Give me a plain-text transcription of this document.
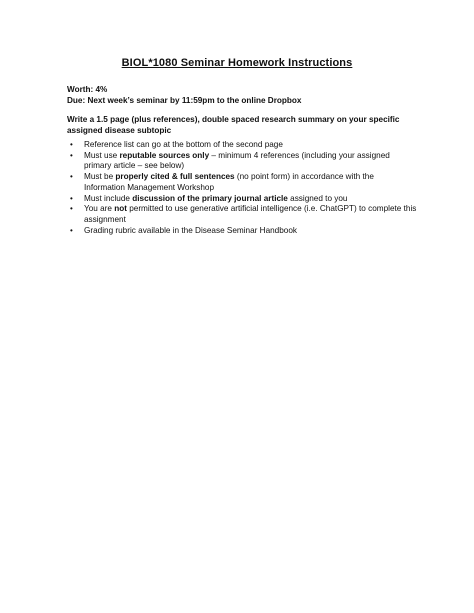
BIOL*1080 Seminar Homework Instructions
Worth: 4%
Due: Next week’s seminar by 11:59pm to the online Dropbox
Write a 1.5 page (plus references), double spaced research summary on your specific assigned disease subtopic
• Reference list can go at the bottom of the second page
• Must use reputable sources only – minimum 4 references (including your assigned primary article – see below)
• Must be properly cited & full sentences (no point form) in accordance with the Information Management Workshop
• Must include discussion of the primary journal article assigned to you
• You are not permitted to use generative artificial intelligence (i.e. ChatGPT) to complete this assignment
• Grading rubric available in the Disease Seminar Handbook
